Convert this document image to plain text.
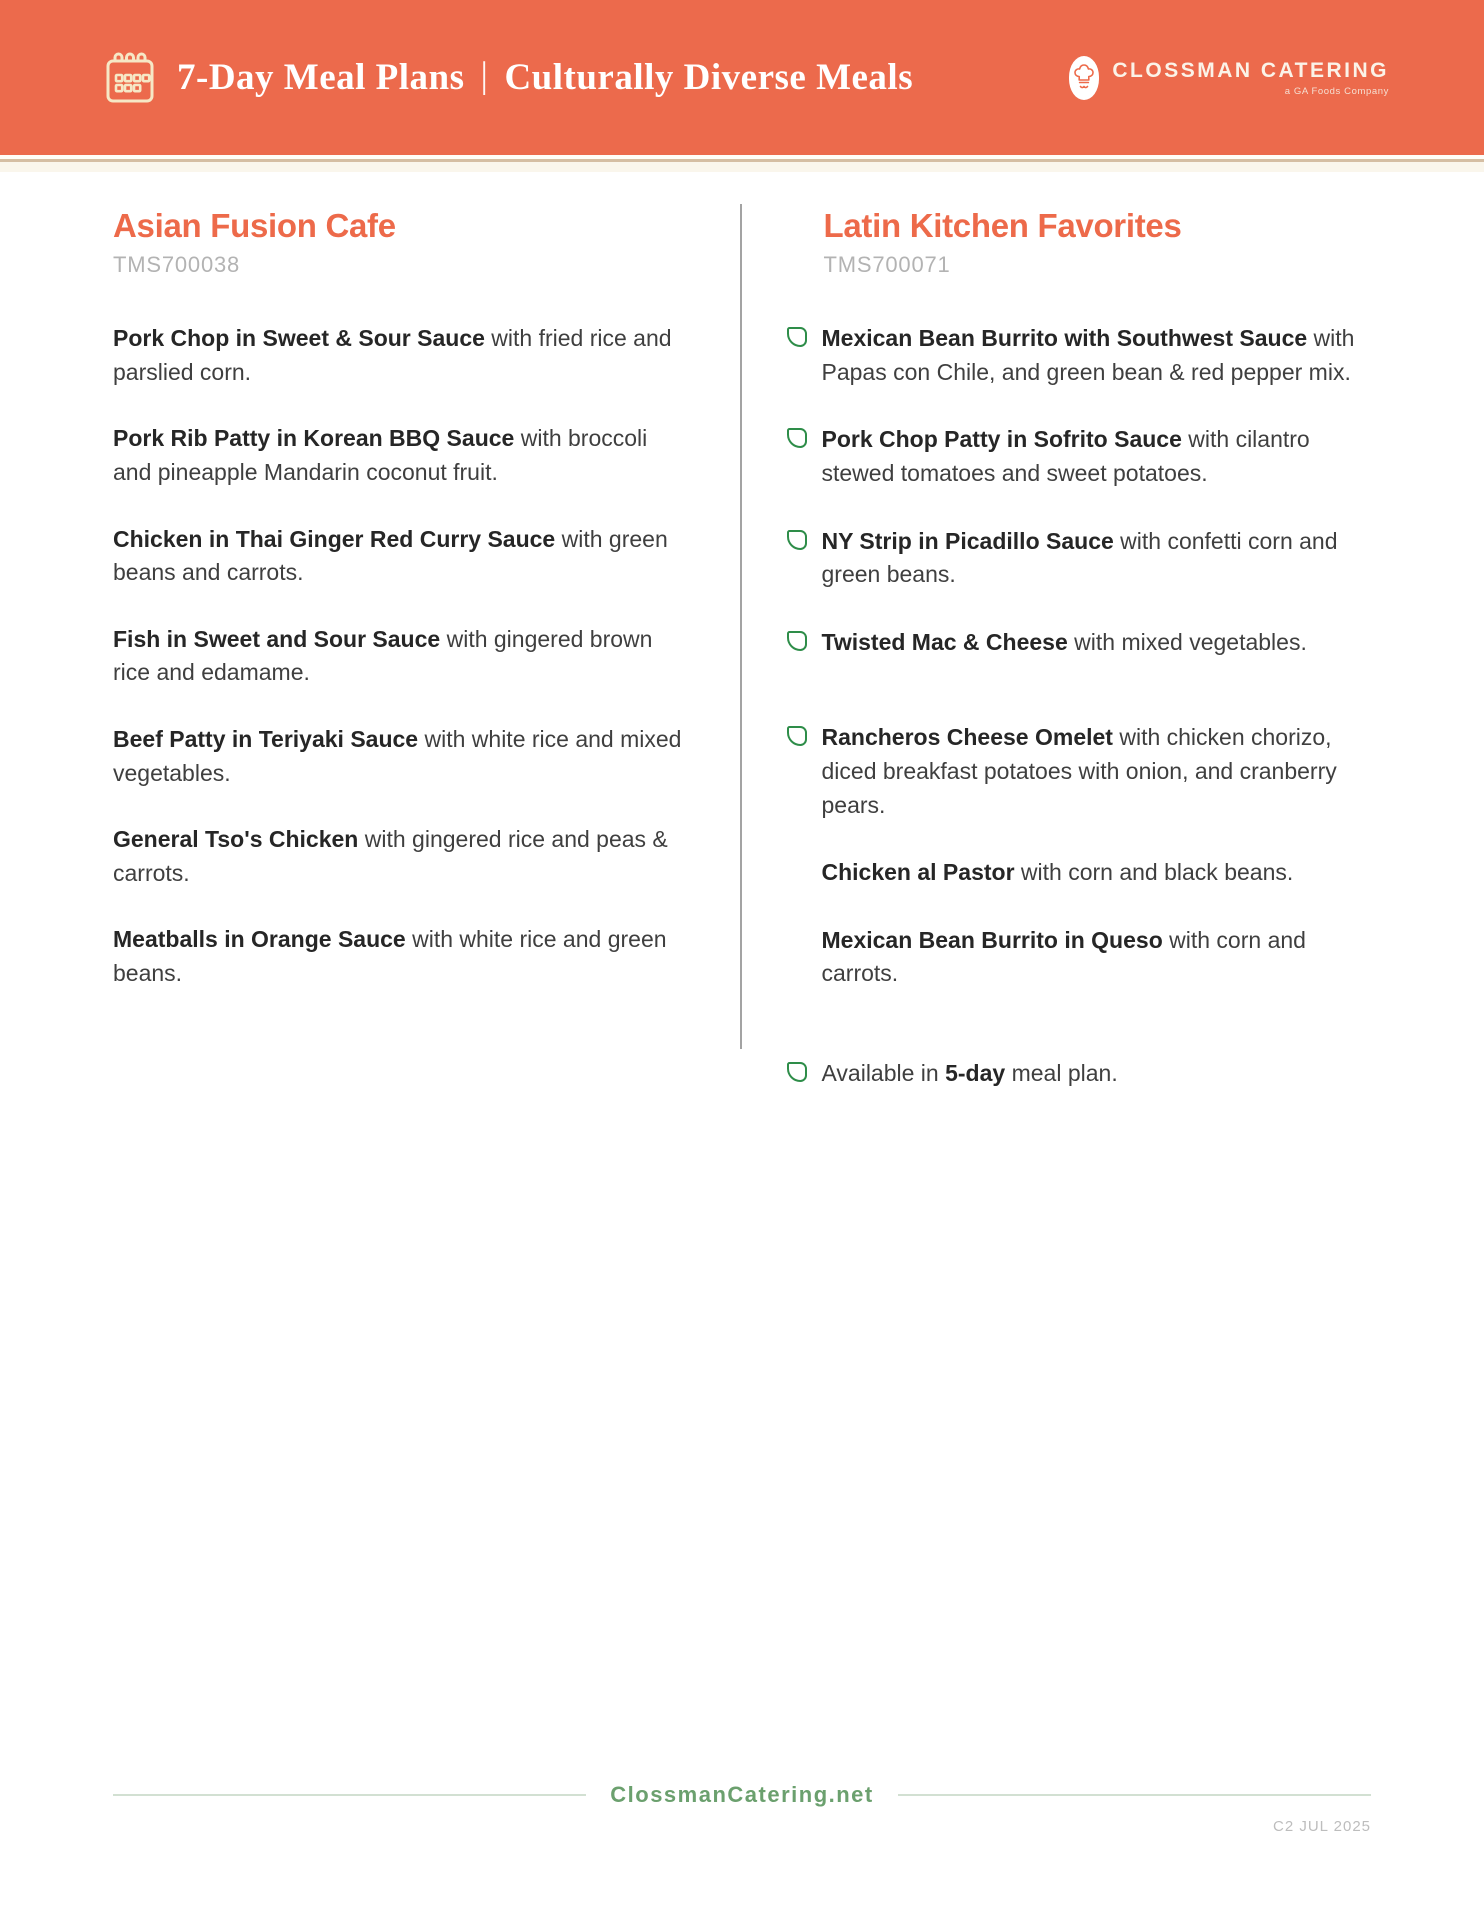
7-Day Meal Plans | Culturally Diverse Meals	CLOSSMAN CATERING
a GA Foods Company
Asian Fusion Cafe
TMS700038

Pork Chop in Sweet & Sour Sauce with fried rice and parslied corn.

Pork Rib Patty in Korean BBQ Sauce with broccoli and pineapple Mandarin coconut fruit.

Chicken in Thai Ginger Red Curry Sauce with green beans and carrots.

Fish in Sweet and Sour Sauce with gingered brown rice and edamame.

Beef Patty in Teriyaki Sauce with white rice and mixed vegetables.

General Tso's Chicken with gingered rice and peas & carrots.

Meatballs in Orange Sauce with white rice and green beans.

Latin Kitchen Favorites
TMS700071

Mexican Bean Burrito with Southwest Sauce with Papas con Chile, and green bean & red pepper mix.

Pork Chop Patty in Sofrito Sauce with cilantro stewed tomatoes and sweet potatoes.

NY Strip in Picadillo Sauce with confetti corn and green beans.

Twisted Mac & Cheese with mixed vegetables.

Rancheros Cheese Omelet with chicken chorizo, diced breakfast potatoes with onion, and cranberry pears.

Chicken al Pastor with corn and black beans.

Mexican Bean Burrito in Queso with corn and carrots.

Available in 5-day meal plan.

ClossmanCatering.net
C2 JUL 2025
